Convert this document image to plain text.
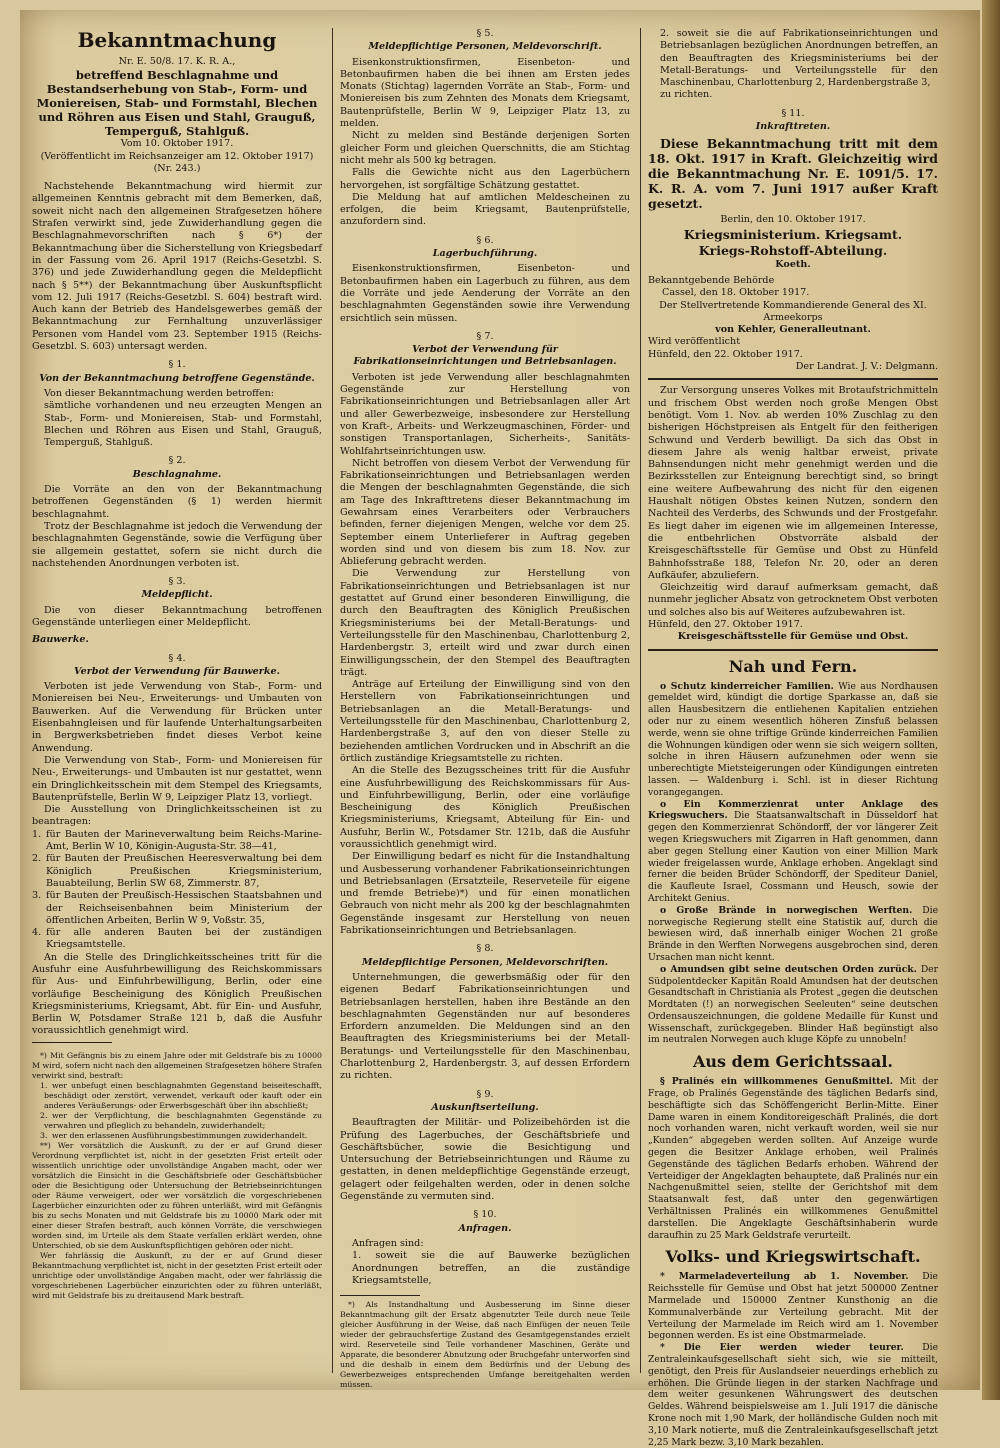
Bekanntmachung
Nr. E. 50/8. 17. K. R. A.,
betreffend Beschlagnahme und Bestandserhebung von Stab-, Form- und Moniereisen, Stab- und Formstahl, Blechen und Röhren aus Eisen und Stahl, Grauguß, Temperguß, Stahlguß.
Vom 10. Oktober 1917.
(Veröffentlicht im Reichsanzeiger am 12. Oktober 1917)
(Nr. 243.)

Nachstehende Bekanntmachung wird hiermit zur allgemeinen Kenntnis gebracht mit dem Bemerken, daß, soweit nicht nach den allgemeinen Strafgesetzen höhere Strafen verwirkt sind, jede Zuwiderhandlung gegen die Beschlagnahmevorschriften nach § 6*) der Bekanntmachung über die Sicherstellung von Kriegsbedarf in der Fassung vom 26. April 1917 (Reichs-Gesetzbl. S. 376) und jede Zuwiderhandlung gegen die Meldepflicht nach § 5**) der Bekanntmachung über Auskunftspflicht vom 12. Juli 1917 (Reichs-Gesetzbl. S. 604) bestraft wird. Auch kann der Betrieb des Handelsgewerbes gemäß der Bekanntmachung zur Fernhaltung unzuverlässiger Personen vom Handel vom 23. September 1915 (Reichs-Gesetzbl. S. 603) untersagt werden.

§ 1.
Von der Bekanntmachung betroffene Gegenstände.

Von dieser Bekanntmachung werden betroffen:

sämtliche vorhandenen und neu erzeugten Mengen an Stab-, Form- und Moniereisen, Stab- und Formstahl, Blechen und Röhren aus Eisen und Stahl, Grauguß, Temperguß, Stahlguß.

§ 2.
Beschlagnahme.

Die Vorräte an den von der Bekanntmachung betroffenen Gegenständen (§ 1) werden hiermit beschlagnahmt.

Trotz der Beschlagnahme ist jedoch die Verwendung der beschlagnahmten Gegenstände, sowie die Verfügung über sie allgemein gestattet, sofern sie nicht durch die nachstehenden Anordnungen verboten ist.

§ 3.
Meldepflicht.

Die von dieser Bekanntmachung betroffenen Gegenstände unterliegen einer Meldepflicht.

Bauwerke.
§ 4.
Verbot der Verwendung für Bauwerke.

Verboten ist jede Verwendung von Stab-, Form- und Moniereisen bei Neu-, Erweiterungs- und Umbauten von Bauwerken. Auf die Verwendung für Brücken unter Eisenbahngleisen und für laufende Unterhaltungsarbeiten in Bergwerksbetrieben findet dieses Verbot keine Anwendung.

Die Verwendung von Stab-, Form- und Moniereisen für Neu-, Erweiterungs- und Umbauten ist nur gestattet, wenn ein Dringlichkeitsschein mit dem Stempel des Kriegsamts, Bautenprüfstelle, Berlin W 9, Leipziger Platz 13, vorliegt.

Die Ausstellung von Dringlichkeitsscheinen ist zu beantragen:

1. für Bauten der Marineverwaltung beim Reichs-Marine-Amt, Berlin W 10, Königin-Augusta-Str. 38—41,

2. für Bauten der Preußischen Heeresverwaltung bei dem Königlich Preußischen Kriegsministerium, Bauabteilung, Berlin SW 68, Zimmerstr. 87,

3. für Bauten der Preußisch-Hessischen Staatsbahnen und der Reichseisenbahnen beim Ministerium der öffentlichen Arbeiten, Berlin W 9, Voßstr. 35,

4. für alle anderen Bauten bei der zuständigen Kriegsamtstelle.

An die Stelle des Dringlichkeitsscheines tritt für die Ausfuhr eine Ausfuhrbewilligung des Reichskommissars für Aus- und Einfuhrbewilligung, Berlin, oder eine vorläufige Bescheinigung des Königlich Preußischen Kriegsministeriums, Kriegsamt, Abt. für Ein- und Ausfuhr, Berlin W, Potsdamer Straße 121 b, daß die Ausfuhr voraussichtlich genehmigt wird.

*) Mit Gefängnis bis zu einem Jahre oder mit Geldstrafe bis zu 10000 M wird, sofern nicht nach den allgemeinen Strafgesetzen höhere Strafen verwirkt sind, bestraft:

1. wer unbefugt einen beschlagnahmten Gegenstand beiseiteschafft, beschädigt oder zerstört, verwendet, verkauft oder kauft oder ein anderes Veräußerungs- oder Erwerbsgeschäft über ihn abschließt;

2. wer der Verpflichtung, die beschlagnahmten Gegenstände zu verwahren und pfleglich zu behandeln, zuwiderhandelt;

3. wer den erlassenen Ausführungsbestimmungen zuwiderhandelt.

**) Wer vorsätzlich die Auskunft, zu der er auf Grund dieser Verordnung verpflichtet ist, nicht in der gesetzten Frist erteilt oder wissentlich unrichtige oder unvollständige Angaben macht, oder wer vorsätzlich die Einsicht in die Geschäftsbriefe oder Geschäftsbücher oder die Besichtigung oder Untersuchung der Betriebseinrichtungen oder Räume verweigert, oder wer vorsätzlich die vorgeschriebenen Lagerbücher einzurichten oder zu führen unterläßt, wird mit Gefängnis bis zu sechs Monaten und mit Geldstrafe bis zu 10000 Mark oder mit einer dieser Strafen bestraft, auch können Vorräte, die verschwiegen worden sind, im Urteile als dem Staate verfallen erklärt werden, ohne Unterschied, ob sie dem Auskunftspflichtigen gehören oder nicht.

Wer fahrlässig die Auskunft, zu der er auf Grund dieser Bekanntmachung verpflichtet ist, nicht in der gesetzten Frist erteilt oder unrichtige oder unvollständige Angaben macht, oder wer fahrlässig die vorgeschriebenen Lagerbücher einzurichten oder zu führen unterläßt, wird mit Geldstrafe bis zu dreitausend Mark bestraft.

§ 5.
Meldepflichtige Personen, Meldevorschrift.

Eisenkonstruktionsfirmen, Eisenbeton- und Betonbaufirmen haben die bei ihnen am Ersten jedes Monats (Stichtag) lagernden Vorräte an Stab-, Form- und Moniereisen bis zum Zehnten des Monats dem Kriegsamt, Bautenprüfstelle, Berlin W 9, Leipziger Platz 13, zu melden.

Nicht zu melden sind Bestände derjenigen Sorten gleicher Form und gleichen Querschnitts, die am Stichtag nicht mehr als 500 kg betragen.

Falls die Gewichte nicht aus den Lagerbüchern hervorgehen, ist sorgfältige Schätzung gestattet.

Die Meldung hat auf amtlichen Meldescheinen zu erfolgen, die beim Kriegsamt, Bautenprüfstelle, anzufordern sind.

§ 6.
Lagerbuchführung.

Eisenkonstruktionsfirmen, Eisenbeton- und Betonbaufirmen haben ein Lagerbuch zu führen, aus dem die Vorräte und jede Aenderung der Vorräte an den beschlagnahmten Gegenständen sowie ihre Verwendung ersichtlich sein müssen.

§ 7.
Verbot der Verwendung für Fabrikationseinrichtungen und Betriebsanlagen.

Verboten ist jede Verwendung aller beschlagnahmten Gegenstände zur Herstellung von Fabrikationseinrichtungen und Betriebsanlagen aller Art und aller Gewerbezweige, insbesondere zur Herstellung von Kraft-, Arbeits- und Werkzeugmaschinen, Förder- und sonstigen Transportanlagen, Sicherheits-, Sanitäts-Wohlfahrtseinrichtungen usw.

Nicht betroffen von diesem Verbot der Verwendung für Fabrikationseinrichtungen und Betriebsanlagen werden die Mengen der beschlagnahmten Gegenstände, die sich am Tage des Inkrafttretens dieser Bekanntmachung im Gewahrsam eines Verarbeiters oder Verbrauchers befinden, ferner diejenigen Mengen, welche vor dem 25. September einem Unterlieferer in Auftrag gegeben worden sind und von diesem bis zum 18. Nov. zur Ablieferung gebracht werden.

Die Verwendung zur Herstellung von Fabrikationseinrichtungen und Betriebsanlagen ist nur gestattet auf Grund einer besonderen Einwilligung, die durch den Beauftragten des Königlich Preußischen Kriegsministeriums bei der Metall-Beratungs- und Verteilungsstelle für den Maschinenbau, Charlottenburg 2, Hardenbergstr. 3, erteilt wird und zwar durch einen Einwilligungsschein, der den Stempel des Beauftragten trägt.

Anträge auf Erteilung der Einwilligung sind von den Herstellern von Fabrikationseinrichtungen und Betriebsanlagen an die Metall-Beratungs- und Verteilungsstelle für den Maschinenbau, Charlottenburg 2, Hardenbergstraße 3, auf den von dieser Stelle zu beziehenden amtlichen Vordrucken und in Abschrift an die örtlich zuständige Kriegsamtstelle zu richten.

An die Stelle des Bezugsscheines tritt für die Ausfuhr eine Ausfuhrbewilligung des Reichskommissars für Aus- und Einfuhrbewilligung, Berlin, oder eine vorläufige Bescheinigung des Königlich Preußischen Kriegsministeriums, Kriegsamt, Abteilung für Ein- und Ausfuhr, Berlin W., Potsdamer Str. 121b, daß die Ausfuhr voraussichtlich genehmigt wird.

Der Einwilligung bedarf es nicht für die Instandhaltung und Ausbesserung vorhandener Fabrikationseinrichtungen und Betriebsanlagen (Ersatzteile, Reserveteile für eigene und fremde Betriebe)*) und für einen monatlichen Gebrauch von nicht mehr als 200 kg der beschlagnahmten Gegenstände insgesamt zur Herstellung von neuen Fabrikationseinrichtungen und Betriebsanlagen.

§ 8.
Meldepflichtige Personen, Meldevorschriften.

Unternehmungen, die gewerbsmäßig oder für den eigenen Bedarf Fabrikationseinrichtungen und Betriebsanlagen herstellen, haben ihre Bestände an den beschlagnahmten Gegenständen nur auf besonderes Erfordern anzumelden. Die Meldungen sind an den Beauftragten des Kriegsministeriums bei der Metall-Beratungs- und Verteilungsstelle für den Maschinenbau, Charlottenburg 2, Hardenbergstr. 3, auf dessen Erfordern zu richten.

§ 9.
Auskunftserteilung.

Beauftragten der Militär- und Polizeibehörden ist die Prüfung des Lagerbuches, der Geschäftsbriefe und Geschäftsbücher, sowie die Besichtigung und Untersuchung der Betriebseinrichtungen und Räume zu gestatten, in denen meldepflichtige Gegenstände erzeugt, gelagert oder feilgehalten werden, oder in denen solche Gegenstände zu vermuten sind.

§ 10.
Anfragen.

Anfragen sind:

1. soweit sie die auf Bauwerke bezüglichen Anordnungen betreffen, an die zuständige Kriegsamtstelle,

*) Als Instandhaltung und Ausbesserung im Sinne dieser Bekanntmachung gilt der Ersatz abgenutzter Teile durch neue Teile gleicher Ausführung in der Weise, daß nach Einfügen der neuen Teile wieder der gebrauchsfertige Zustand des Gesamtgegenstandes erzielt wird. Reserveteile sind Teile vorhandener Maschinen, Geräte und Apparate, die besonderer Abnutzung oder Bruchgefahr unterworfen sind und die deshalb in einem dem Bedürfnis und der Uebung des Gewerbezweiges entsprechenden Umfange bereitgehalten werden müssen.

2. soweit sie die auf Fabrikationseinrichtungen und Betriebsanlagen bezüglichen Anordnungen betreffen, an den Beauftragten des Kriegsministeriums bei der Metall-Beratungs- und Verteilungsstelle für den Maschinenbau, Charlottenburg 2, Hardenbergstraße 3,

zu richten.

§ 11.
Inkrafttreten.
Diese Bekanntmachung tritt mit dem 18. Okt. 1917 in Kraft. Gleichzeitig wird die Bekanntmachung Nr. E. 1091/5. 17. K. R. A. vom 7. Juni 1917 außer Kraft gesetzt.
Berlin, den 10. Oktober 1917.
Kriegsministerium. Kriegsamt.
Kriegs-Rohstoff-Abteilung.
Koeth.
Bekanntgebende Behörde
Cassel, den 18. Oktober 1917.
Der Stellvertretende Kommandierende General des XI. Armeekorps
von Kehler, Generalleutnant.
Wird veröffentlicht
Hünfeld, den 22. Oktober 1917.
Der Landrat. J. V.: Delgmann.

Zur Versorgung unseres Volkes mit Brotaufstrichmitteln und frischem Obst werden noch große Mengen Obst benötigt. Vom 1. Nov. ab werden 10% Zuschlag zu den bisherigen Höchstpreisen als Entgelt für den feitherigen Schwund und Verderb bewilligt. Da sich das Obst in diesem Jahre als wenig haltbar erweist, private Bahnsendungen nicht mehr genehmigt werden und die Bezirksstellen zur Enteignung berechtigt sind, so bringt eine weitere Aufbewahrung des nicht für den eigenen Haushalt nötigen Obstes keinen Nutzen, sondern den Nachteil des Verderbs, des Schwunds und der Frostgefahr. Es liegt daher im eigenen wie im allgemeinen Interesse, die entbehrlichen Obstvorräte alsbald der Kreisgeschäftsstelle für Gemüse und Obst zu Hünfeld Bahnhofsstraße 188, Telefon Nr. 20, oder an deren Aufkäufer, abzuliefern.

Gleichzeitig wird darauf aufmerksam gemacht, daß nunmehr jeglicher Absatz von getrocknetem Obst verboten und solches also bis auf Weiteres aufzubewahren ist.

Hünfeld, den 27. Oktober 1917.
Kreisgeschäftsstelle für Gemüse und Obst.
Nah und Fern.

o Schutz kinderreicher Familien. Wie aus Nordhausen gemeldet wird, kündigt die dortige Sparkasse an, daß sie allen Hausbesitzern die entliehenen Kapitalien entziehen oder nur zu einem wesentlich höheren Zinsfuß belassen werde, wenn sie ohne triftige Gründe kinderreichen Familien die Wohnungen kündigen oder wenn sie sich weigern sollten, solche in ihren Häusern aufzunehmen oder wenn sie unberechtigte Mietsteigerungen oder Kündigungen eintreten lassen. — Waldenburg i. Schl. ist in dieser Richtung vorangegangen.

o Ein Kommerzienrat unter Anklage des Kriegswuchers. Die Staatsanwaltschaft in Düsseldorf hat gegen den Kommerzienrat Schöndorff, der vor längerer Zeit wegen Kriegswuchers mit Zigarren in Haft genommen, dann aber gegen Stellung einer Kaution von einer Million Mark wieder freigelassen wurde, Anklage erhoben. Angeklagt sind ferner die beiden Brüder Schöndorff, der Spediteur Daniel, die Kaufleute Israel, Cossmann und Heusch, sowie der Architekt Genius.

o Große Brände in norwegischen Werften. Die norwegische Regierung stellt eine Statistik auf, durch die bewiesen wird, daß innerhalb einiger Wochen 21 große Brände in den Werften Norwegens ausgebrochen sind, deren Ursachen man nicht kennt.

o Amundsen gibt seine deutschen Orden zurück. Der Südpolentdecker Kapitän Roald Amundsen hat der deutschen Gesandtschaft in Christiania als Protest „gegen die deutschen Mordtaten (!) an norwegischen Seeleuten“ seine deutschen Ordensauszeichnungen, die goldene Medaille für Kunst und Wissenschaft, zurückgegeben. Blinder Haß begünstigt also im neutralen Norwegen auch kluge Köpfe zu unnobeln!

Aus dem Gerichtssaal.

§ Pralinés ein willkommenes Genußmittel. Mit der Frage, ob Pralinés Gegenstände des täglichen Bedarfs sind, beschäftigte sich das Schöffengericht Berlin-Mitte. Einer Dame waren in einem Konditoreigeschäft Pralinés, die dort noch vorhanden waren, nicht verkauft worden, weil sie nur „Kunden“ abgegeben werden sollten. Auf Anzeige wurde gegen die Besitzer Anklage erhoben, weil Pralinés Gegenstände des täglichen Bedarfs erhoben. Während der Verteidiger der Angeklagten behauptete, daß Pralinés nur ein Nachgenußmittel seien, stellte der Gerichtshof mit dem Staatsanwalt fest, daß unter den gegenwärtigen Verhältnissen Pralinés ein willkommenes Genußmittel darstellen. Die Angeklagte Geschäftsinhaberin wurde daraufhin zu 25 Mark Geldstrafe verurteilt.

Volks- und Kriegswirtschaft.

* Marmeladeverteilung ab 1. November. Die Reichsstelle für Gemüse und Obst hat jetzt 500000 Zentner Marmelade und 150000 Zentner Kunsthonig an die Kommunalverbände zur Verteilung gebracht. Mit der Verteilung der Marmelade im Reich wird am 1. November begonnen werden. Es ist eine Obstmarmelade.

* Die Eier werden wieder teurer. Die Zentraleinkaufsgesellschaft sieht sich, wie sie mitteilt, genötigt, den Preis für Auslandseier neuerdings erheblich zu erhöhen. Die Gründe liegen in der starken Nachfrage und dem weiter gesunkenen Währungswert des deutschen Geldes. Während beispielsweise am 1. Juli 1917 die dänische Krone noch mit 1,90 Mark, der holländische Gulden noch mit 3,10 Mark notierte, muß die Zentraleinkaufsgesellschaft jetzt 2,25 Mark bezw. 3,10 Mark bezahlen.
